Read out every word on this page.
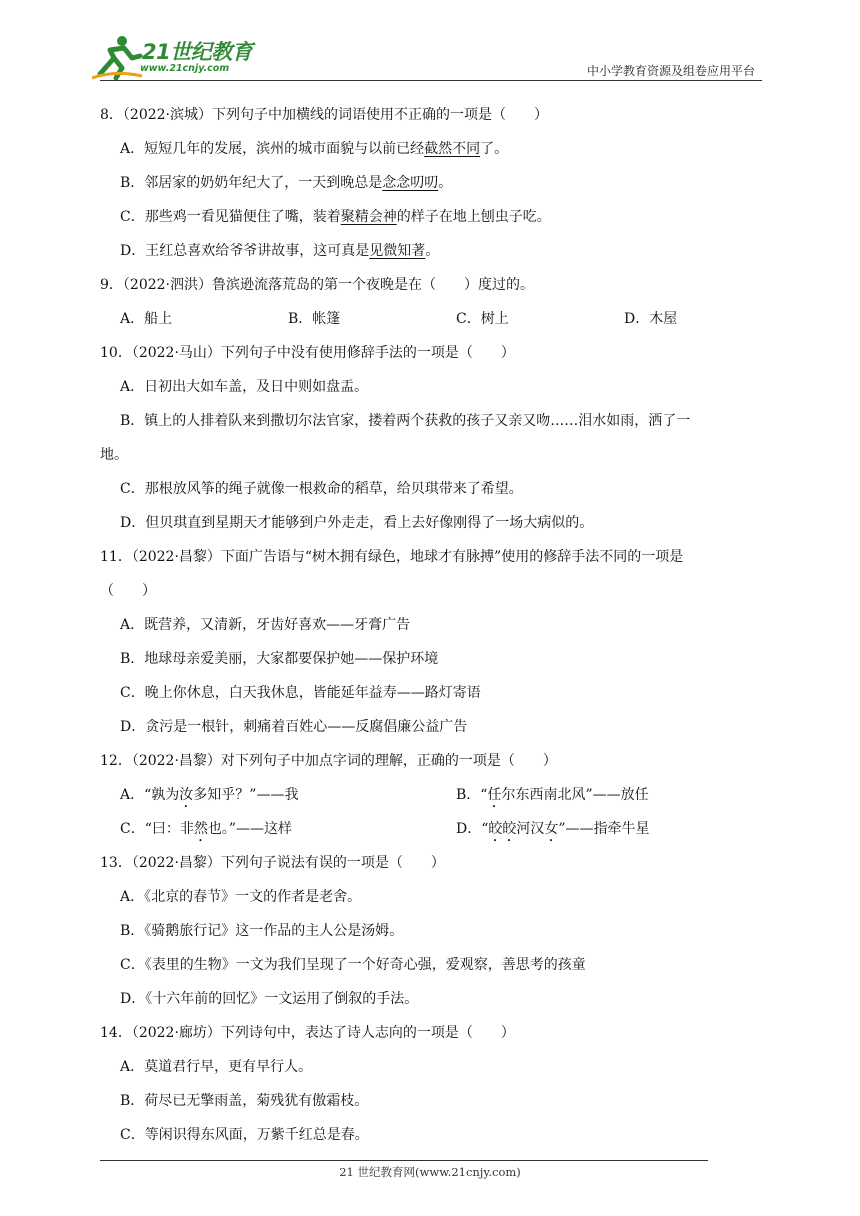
21世纪教育
www.21cnjy.com	中小学教育资源及组卷应用平台
8．（2022·滨城）下列句子中加横线的词语使用不正确的一项是（　　）
A．短短几年的发展，滨州的城市面貌与以前已经截然不同了。
B．邻居家的奶奶年纪大了，一天到晚总是念念叨叨。
C．那些鸡一看见猫便住了嘴，装着聚精会神的样子在地上刨虫子吃。
D．王红总喜欢给爷爷讲故事，这可真是见微知著。
9．（2022·泗洪）鲁滨逊流落荒岛的第一个夜晚是在（　　）度过的。
A．船上	B．帐篷	C．树上	D．木屋
10．（2022·马山）下列句子中没有使用修辞手法的一项是（　　）
A．日初出大如车盖，及日中则如盘盂。
B．镇上的人排着队来到撒切尔法官家，搂着两个获救的孩子又亲又吻……泪水如雨，洒了一
地。
C．那根放风筝的绳子就像一根救命的稻草，给贝琪带来了希望。
D．但贝琪直到星期天才能够到户外走走，看上去好像刚得了一场大病似的。
11．（2022·昌黎）下面广告语与“树木拥有绿色，地球才有脉搏”使用的修辞手法不同的一项是
（　　）
A．既营养，又清新，牙齿好喜欢——牙膏广告
B．地球母亲爱美丽，大家都要保护她——保护环境
C．晚上你休息，白天我休息，皆能延年益寿——路灯寄语
D．贪污是一根针，刺痛着百姓心——反腐倡廉公益广告
12．（2022·昌黎）对下列句子中加点字词的理解，正确的一项是（　　）
A．“孰为汝多知乎？”——我	B．“任尔东西南北风”——放任
C．“曰：非然也。”——这样	D．“皎皎河汉女”——指牵牛星
13．（2022·昌黎）下列句子说法有误的一项是（　　）
A．《北京的春节》一文的作者是老舍。
B．《骑鹅旅行记》这一作品的主人公是汤姆。
C．《表里的生物》一文为我们呈现了一个好奇心强，爱观察，善思考的孩童
D．《十六年前的回忆》一文运用了倒叙的手法。
14．（2022·廊坊）下列诗句中，表达了诗人志向的一项是（　　）
A．莫道君行早，更有早行人。
B．荷尽已无擎雨盖，菊残犹有傲霜枝。
C．等闲识得东风面，万紫千红总是春。
21 世纪教育网(www.21cnjy.com)
